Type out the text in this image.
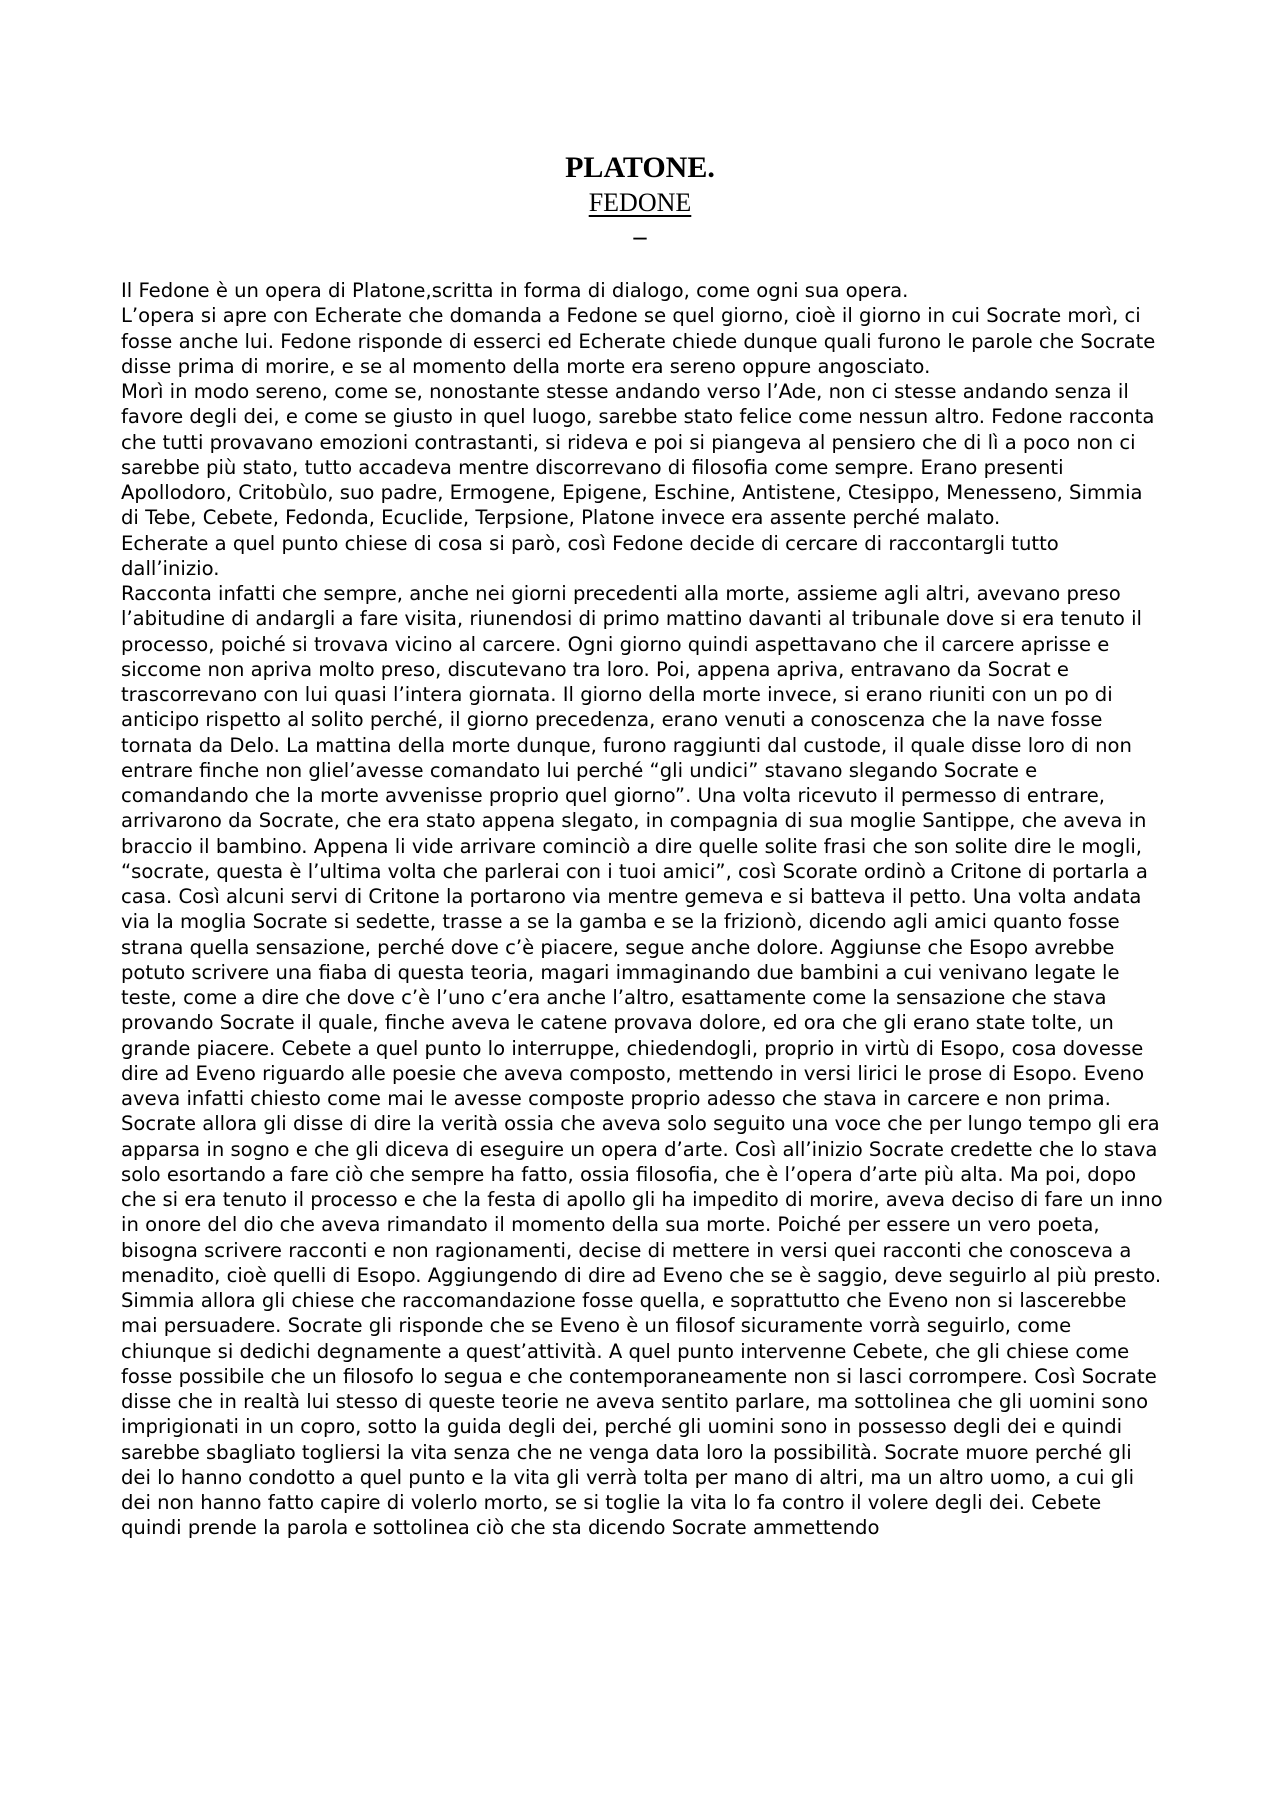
PLATONE.
FEDONE
–

Il Fedone è un opera di Platone,scritta in forma di dialogo, come ogni sua opera.

L’opera si apre con Echerate che domanda a Fedone se quel giorno, cioè il giorno in cui Socrate morì, ci fosse anche lui. Fedone risponde di esserci ed Echerate chiede dunque quali furono le parole che Socrate disse prima di morire, e se al momento della morte era sereno oppure angosciato.

Morì in modo sereno, come se, nonostante stesse andando verso l’Ade, non ci stesse andando senza il favore degli dei, e come se giusto in quel luogo, sarebbe stato felice come nessun altro. Fedone racconta che tutti provavano emozioni contrastanti, si rideva e poi si piangeva al pensiero che di lì a poco non ci sarebbe più stato, tutto accadeva mentre discorrevano di filosofia come sempre. Erano presenti Apollodoro, Critobùlo, suo padre, Ermogene, Epigene, Eschine, Antistene, Ctesippo, Menesseno, Simmia di Tebe, Cebete, Fedonda, Ecuclide, Terpsione, Platone invece era assente perché malato.

Echerate a quel punto chiese di cosa si parò, così Fedone decide di cercare di raccontargli tutto dall’inizio.

Racconta infatti che sempre, anche nei giorni precedenti alla morte, assieme agli altri, avevano preso l’abitudine di andargli a fare visita, riunendosi di primo mattino davanti al tribunale dove si era tenuto il processo, poiché si trovava vicino al carcere. Ogni giorno quindi aspettavano che il carcere aprisse e siccome non apriva molto preso, discutevano tra loro. Poi, appena apriva, entravano da Socrat e trascorrevano con lui quasi l’intera giornata. Il giorno della morte invece, si erano riuniti con un po di anticipo rispetto al solito perché, il giorno precedenza, erano venuti a conoscenza che la nave fosse tornata da Delo. La mattina della morte dunque, furono raggiunti dal custode, il quale disse loro di non entrare finche non gliel’avesse comandato lui perché “gli undici” stavano slegando Socrate e comandando che la morte avvenisse proprio quel giorno”. Una volta ricevuto il permesso di entrare, arrivarono da Socrate, che era stato appena slegato, in compagnia di sua moglie Santippe, che aveva in braccio il bambino. Appena li vide arrivare cominciò a dire quelle solite frasi che son solite dire le mogli, “socrate, questa è l’ultima volta che parlerai con i tuoi amici”, così Scorate ordinò a Critone di portarla a casa. Così alcuni servi di Critone la portarono via mentre gemeva e si batteva il petto. Una volta andata via la moglia Socrate si sedette, trasse a se la gamba e se la frizionò, dicendo agli amici quanto fosse strana quella sensazione, perché dove c’è piacere, segue anche dolore. Aggiunse che Esopo avrebbe potuto scrivere una fiaba di questa teoria, magari immaginando due bambini a cui venivano legate le teste, come a dire che dove c’è l’uno c’era anche l’altro, esattamente come la sensazione che stava provando Socrate il quale, finche aveva le catene provava dolore, ed ora che gli erano state tolte, un grande piacere. Cebete a quel punto lo interruppe, chiedendogli, proprio in virtù di Esopo, cosa dovesse dire ad Eveno riguardo alle poesie che aveva composto, mettendo in versi lirici le prose di Esopo. Eveno aveva infatti chiesto come mai le avesse composte proprio adesso che stava in carcere e non prima. Socrate allora gli disse di dire la verità ossia che aveva solo seguito una voce che per lungo tempo gli era apparsa in sogno e che gli diceva di eseguire un opera d’arte. Così all’inizio Socrate credette che lo stava solo esortando a fare ciò che sempre ha fatto, ossia filosofia, che è l’opera d’arte più alta. Ma poi, dopo che si era tenuto il processo e che la festa di apollo gli ha impedito di morire, aveva deciso di fare un inno in onore del dio che aveva rimandato il momento della sua morte. Poiché per essere un vero poeta, bisogna scrivere racconti e non ragionamenti, decise di mettere in versi quei racconti che conosceva a menadito, cioè quelli di Esopo. Aggiungendo di dire ad Eveno che se è saggio, deve seguirlo al più presto. Simmia allora gli chiese che raccomandazione fosse quella, e soprattutto che Eveno non si lascerebbe mai persuadere. Socrate gli risponde che se Eveno è un filosof sicuramente vorrà seguirlo, come chiunque si dedichi degnamente a quest’attività. A quel punto intervenne Cebete, che gli chiese come fosse possibile che un filosofo lo segua e che contemporaneamente non si lasci corrompere. Così Socrate disse che in realtà lui stesso di queste teorie ne aveva sentito parlare, ma sottolinea che gli uomini sono imprigionati in un copro, sotto la guida degli dei, perché gli uomini sono in possesso degli dei e quindi sarebbe sbagliato togliersi la vita senza che ne venga data loro la possibilità. Socrate muore perché gli dei lo hanno condotto a quel punto e la vita gli verrà tolta per mano di altri, ma un altro uomo, a cui gli dei non hanno fatto capire di volerlo morto, se si toglie la vita lo fa contro il volere degli dei. Cebete quindi prende la parola e sottolinea ciò che sta dicendo Socrate ammettendo
